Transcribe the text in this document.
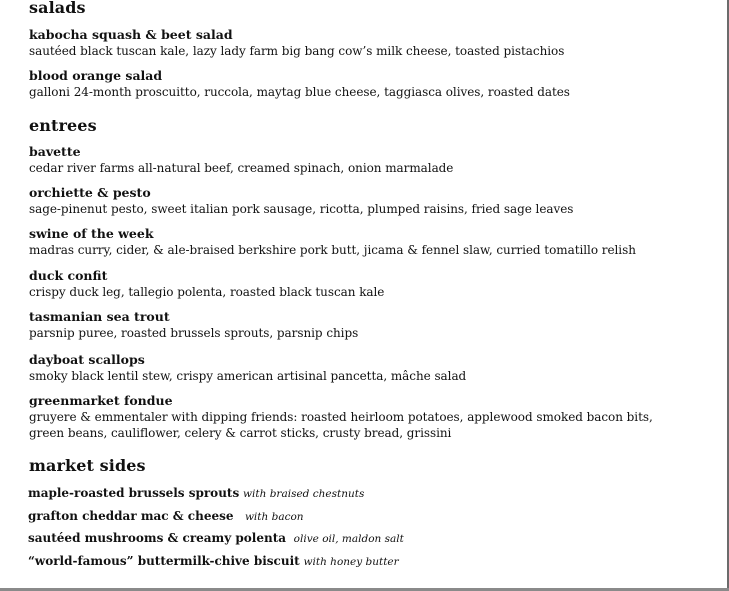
salads
kabocha squash & beet salad
sautéed black tuscan kale, lazy lady farm big bang cow’s milk cheese, toasted pistachios
blood orange salad
galloni 24-month proscuitto, ruccola, maytag blue cheese, taggiascа olives, roasted dates
entrees
bavette
cedar river farms all-natural beef, creamed spinach, onion marmalade
orchiette & pesto
sage-pinenut pesto, sweet italian pork sausage, ricotta, plumped raisins, fried sage leaves
swine of the week
madras curry, cider, & ale-braised berkshire pork butt, jicama & fennel slaw, curried tomatillo relish
duck confit
crispy duck leg, tallegio polenta, roasted black tuscan kale
tasmanian sea trout
parsnip puree, roasted brussels sprouts, parsnip chips
dayboat scallops
smoky black lentil stew, crispy american artisinal pancetta, mâche salad
greenmarket fondue
gruyere & emmentaler with dipping friends: roasted heirloom potatoes, applewood smoked bacon bits,
green beans, cauliflower, celery & carrot sticks, crusty bread, grissini
market sides
maple-roasted brussels sprouts with braised chestnuts
grafton cheddar mac & cheese with bacon
sautéed mushrooms & creamy polenta olive oil, maldon salt
“world-famous” buttermilk-chive biscuit with honey butter
